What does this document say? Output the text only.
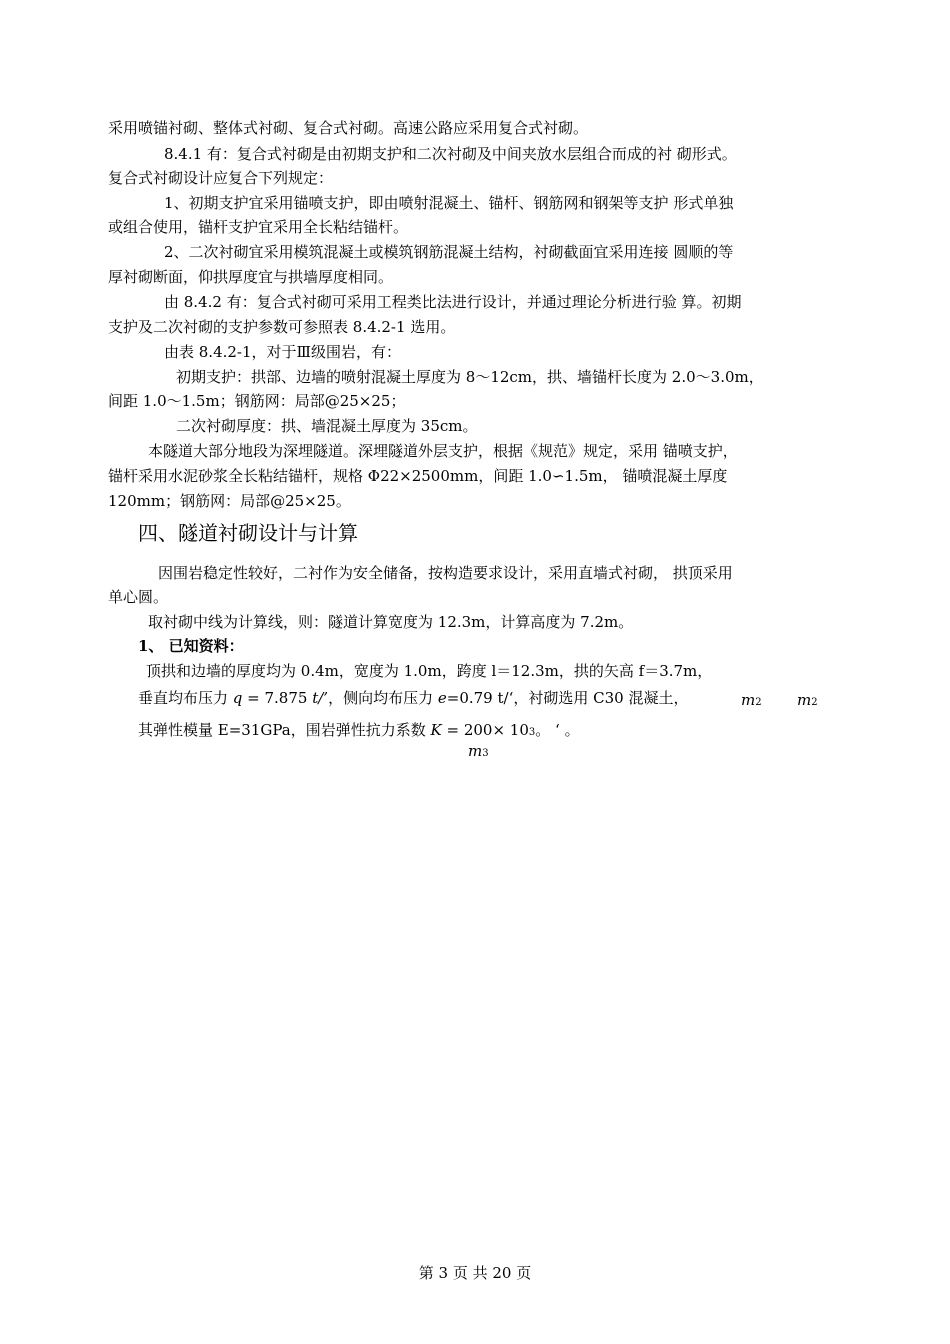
采用喷锚衬砌、整体式衬砌、复合式衬砌。高速公路应采用复合式衬砌。

8.4.1 有：复合式衬砌是由初期支护和二次衬砌及中间夹放水层组合而成的衬 砌形式。

复合式衬砌设计应复合下列规定：

1、初期支护宜采用锚喷支护，即由喷射混凝土、锚杆、钢筋网和钢架等支护 形式单独

或组合使用，锚杆支护宜采用全长粘结锚杆。

2、二次衬砌宜采用模筑混凝土或模筑钢筋混凝土结构，衬砌截面宜采用连接 圆顺的等

厚衬砌断面，仰拱厚度宜与拱墙厚度相同。

由 8.4.2 有：复合式衬砌可采用工程类比法进行设计，并通过理论分析进行验 算。初期

支护及二次衬砌的支护参数可参照表 8.4.2-1 选用。

由表 8.4.2-1，对于Ⅲ级围岩，有：

初期支护：拱部、边墙的喷射混凝土厚度为 8～12cm，拱、墙锚杆长度为 2.0～3.0m，

间距 1.0～1.5m；钢筋网：局部@25×25；

二次衬砌厚度：拱、墙混凝土厚度为 35cm。

本隧道大部分地段为深埋隧道。深埋隧道外层支护，根据《规范》规定，采用 锚喷支护，

锚杆采用水泥砂浆全长粘结锚杆，规格 Φ22×2500mm，间距 1.0∽1.5m， 锚喷混凝土厚度

120mm；钢筋网：局部@25×25。

四、隧道衬砌设计与计算

因围岩稳定性较好，二衬作为安全储备，按构造要求设计，采用直墙式衬砌， 拱顶采用

单心圆。

取衬砌中线为计算线，则：隧道计算宽度为 12.3m，计算高度为 7.2m。

1、 已知资料：

顶拱和边墙的厚度均为 0.4m，宽度为 1.0m，跨度 l＝12.3m，拱的矢高 f＝3.7m，

垂直均布压力 q = 7.875 t/’，侧向均布压力 e=0.79 t/‘，衬砌选用 C30 混凝土，	m2 m2

其弹性模量 E=31GPa，围岩弹性抗力系数 K = 200× 103。 ‘ 。

m3

第 3 页 共 20 页
